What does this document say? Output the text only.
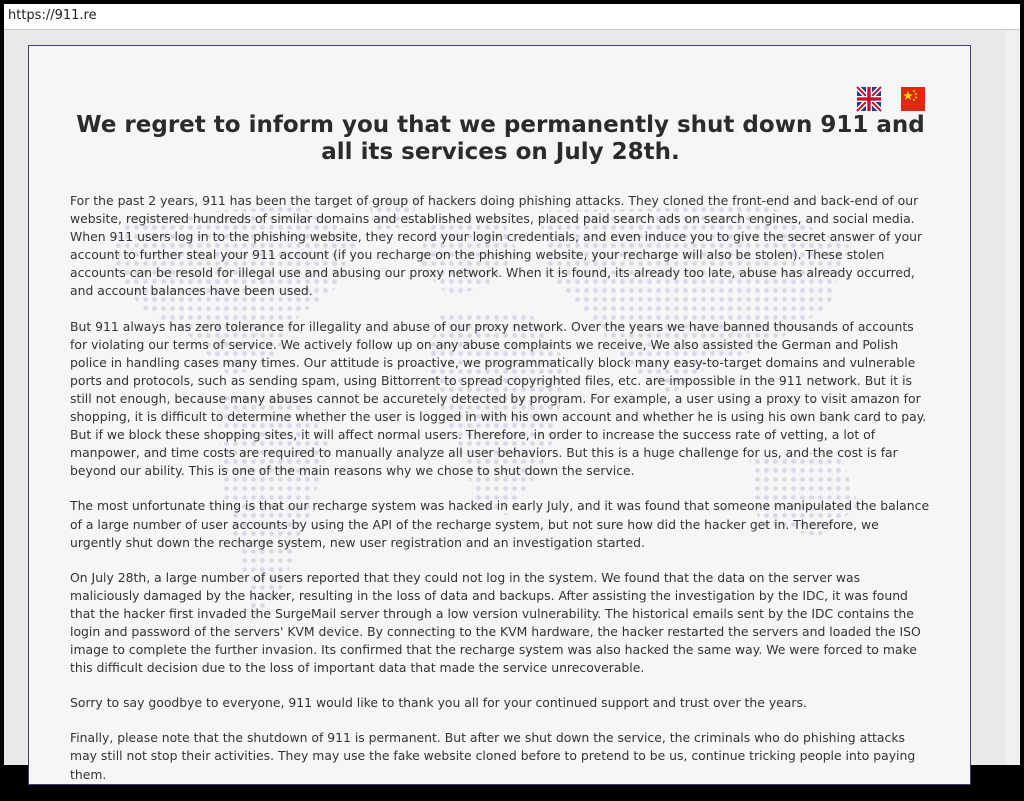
https://911.re
We regret to inform you that we permanently shut down 911 and all its services on July 28th.

For the past 2 years, 911 has been the target of group of hackers doing phishing attacks. They cloned the front-end and back-end of our website, registered hundreds of similar domains and established websites, placed paid search ads on search engines, and social media. When 911 users log in to the phishing website, they record your login credentials, and even induce you to give the secret answer of your account to further steal your 911 account (if you recharge on the phishing website, your recharge will also be stolen). These stolen accounts can be resold for illegal use and abusing our proxy network. When it is found, its already too late, abuse has already occurred, and account balances have been used.

But 911 always has zero tolerance for illegality and abuse of our proxy network. Over the years we have banned thousands of accounts for violating our terms of service. We actively follow up on any abuse complaints we receive, We also assisted the German and Polish police in handling cases many times. Our attitude is proactive, we programmatically block many easy-to-target domains and vulnerable ports and protocols, such as sending spam, using Bittorrent to spread copyrighted files, etc. are impossible in the 911 network. But it is still not enough, because many abuses cannot be accuretely detected by program. For example, a user using a proxy to visit amazon for shopping, it is difficult to determine whether the user is logged in with his own account and whether he is using his own bank card to pay. But if we block these shopping sites, it will affect normal users. Therefore, in order to increase the success rate of vetting, a lot of manpower, and time costs are required to manually analyze all user behaviors. But this is a huge challenge for us, and the cost is far beyond our ability. This is one of the main reasons why we chose to shut down the service.

The most unfortunate thing is that our recharge system was hacked in early July, and it was found that someone manipulated the balance of a large number of user accounts by using the API of the recharge system, but not sure how did the hacker get in. Therefore, we urgently shut down the recharge system, new user registration and an investigation started.

On July 28th, a large number of users reported that they could not log in the system. We found that the data on the server was maliciously damaged by the hacker, resulting in the loss of data and backups. After assisting the investigation by the IDC, it was found that the hacker first invaded the SurgeMail server through a low version vulnerability. The historical emails sent by the IDC contains the login and password of the servers' KVM device. By connecting to the KVM hardware, the hacker restarted the servers and loaded the ISO image to complete the further invasion. Its confirmed that the recharge system was also hacked the same way. We were forced to make this difficult decision due to the loss of important data that made the service unrecoverable.

Sorry to say goodbye to everyone, 911 would like to thank you all for your continued support and trust over the years.

Finally, please note that the shutdown of 911 is permanent. But after we shut down the service, the criminals who do phishing attacks may still not stop their activities. They may use the fake website cloned before to pretend to be us, continue tricking people into paying them.
